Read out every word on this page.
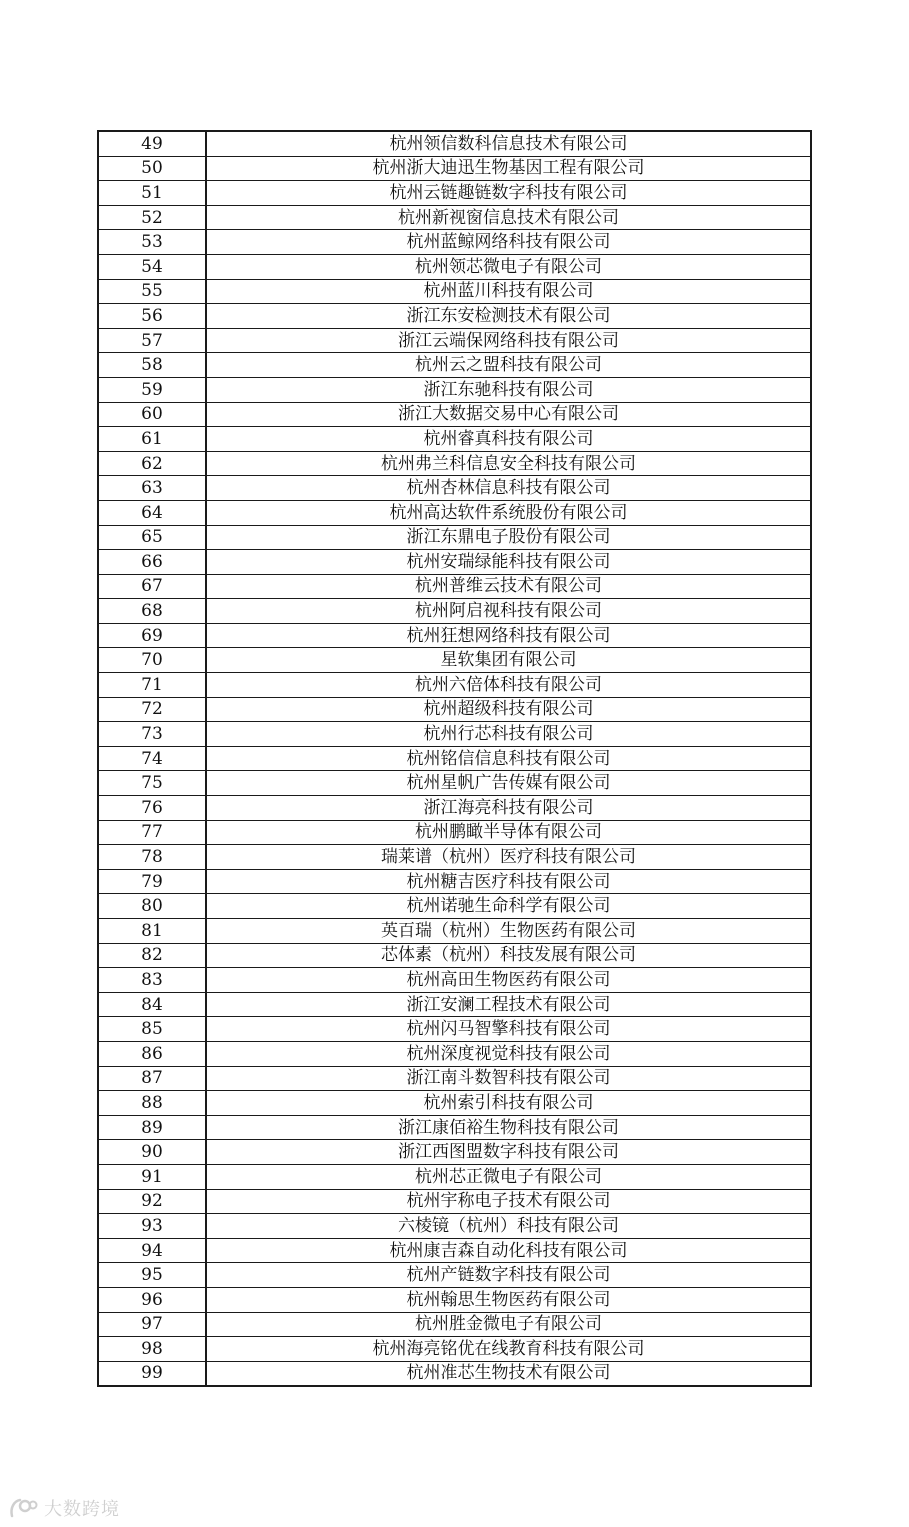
49	杭州领信数科信息技术有限公司
50	杭州浙大迪迅生物基因工程有限公司
51	杭州云链趣链数字科技有限公司
52	杭州新视窗信息技术有限公司
53	杭州蓝鲸网络科技有限公司
54	杭州领芯微电子有限公司
55	杭州蓝川科技有限公司
56	浙江东安检测技术有限公司
57	浙江云端保网络科技有限公司
58	杭州云之盟科技有限公司
59	浙江东驰科技有限公司
60	浙江大数据交易中心有限公司
61	杭州睿真科技有限公司
62	杭州弗兰科信息安全科技有限公司
63	杭州杏林信息科技有限公司
64	杭州高达软件系统股份有限公司
65	浙江东鼎电子股份有限公司
66	杭州安瑞绿能科技有限公司
67	杭州普维云技术有限公司
68	杭州阿启视科技有限公司
69	杭州狂想网络科技有限公司
70	星软集团有限公司
71	杭州六倍体科技有限公司
72	杭州超级科技有限公司
73	杭州行芯科技有限公司
74	杭州铭信信息科技有限公司
75	杭州星帆广告传媒有限公司
76	浙江海亮科技有限公司
77	杭州鹏瞰半导体有限公司
78	瑞莱谱（杭州）医疗科技有限公司
79	杭州糖吉医疗科技有限公司
80	杭州诺驰生命科学有限公司
81	英百瑞（杭州）生物医药有限公司
82	芯体素（杭州）科技发展有限公司
83	杭州高田生物医药有限公司
84	浙江安澜工程技术有限公司
85	杭州闪马智擎科技有限公司
86	杭州深度视觉科技有限公司
87	浙江南斗数智科技有限公司
88	杭州索引科技有限公司
89	浙江康佰裕生物科技有限公司
90	浙江西图盟数字科技有限公司
91	杭州芯正微电子有限公司
92	杭州宇称电子技术有限公司
93	六棱镜（杭州）科技有限公司
94	杭州康吉森自动化科技有限公司
95	杭州产链数字科技有限公司
96	杭州翰思生物医药有限公司
97	杭州胜金微电子有限公司
98	杭州海亮铭优在线教育科技有限公司
99	杭州准芯生物技术有限公司
大数跨境
